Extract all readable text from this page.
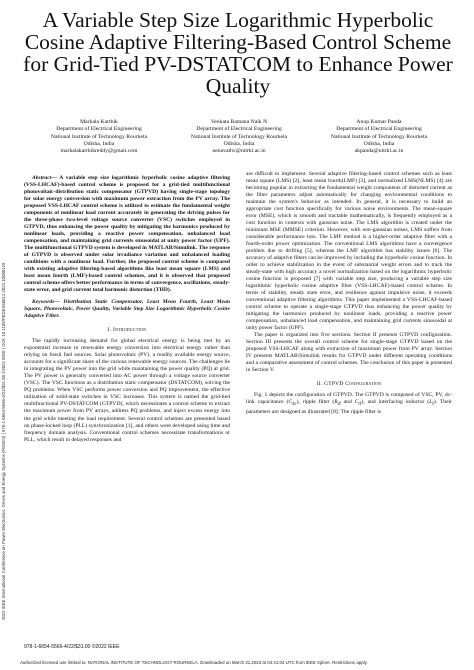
2022 IEEE International Conference on Power Electronics, Drives and Energy Systems (PEDES) | 978-1-6654-5566-4/22/$31.00 ©2022 IEEE | DOI: 10.1109/PEDES56012.2022.10080129
A Variable Step Size Logarithmic Hyperbolic Cosine Adaptive Filtering-Based Control Scheme for Grid-Tied PV-DSTATCOM to Enhance Power Quality
Markala Karthik
Department of Electrical Engineering
National Institute of Technology Rourkela
Odisha, India
markalakarthikreddy@gmail.com
Venkata Ramana Naik N
Department of Electrical Engineering
National Institute of Technology Rourkela
Odisha, India
nenavathv@nitrkl.ac.in
Anup Kumar Panda
Department of Electrical Engineering
National Institute of Technology Rourkela
Odisha, India
akpanda@nitrkl.ac.in

Abstract— A variable step size logarithmic hyperbolic cosine adaptive filtering (VSS-LHCAF)-based control scheme is proposed for a grid-tied multifunctional photovoltaic-distribution static compensator (GTPVD) having single-stage topology for solar energy conversion with maximum power extraction from the PV array. The proposed VSS-LHCAF control scheme is utilized to estimate the fundamental weight components of nonlinear load current accurately in generating the driving pulses for the three-phase two-level voltage source converter (VSC) switches employed in GTPVD, thus enhancing the power quality by mitigating the harmonics produced by nonlinear loads, providing a reactive power compensation, unbalanced load compensation, and maintaining grid currents sinusoidal at unity power factor (UPF). The multifunctional GTPVD system is developed in MATLAB/Simulink. The response of GTPVD is observed under solar irradiance variation and unbalanced loading conditions with a nonlinear load. Further, the proposed control scheme is compared with existing adaptive filtering-based algorithms like least mean square (LMS) and least mean fourth (LMF)-based control schemes, and it is observed that proposed control scheme offers better performance in terms of convergence, oscillations, steady-state error, and grid current total harmonic distortion (THD).

Keywords— Distribution Static Compensator, Least Mean Fourth, Least Mean Square, Photovoltaic, Power Quality, Variable Step Size Logarithmic Hyperbolic Cosine Adaptive Filter.

I. Introduction

The rapidly increasing demand for global electrical energy is being met by an exponential increase in renewable energy conversion into electrical energy rather than relying on fossil fuel sources. Solar photovoltaic (PV), a readily available energy source, accounts for a significant share of the various renewable energy sources. The challenges lie in integrating the PV power into the grid while maintaining the power quality (PQ) at grid. The PV power is generally converted into AC power through a voltage source converter (VSC). The VSC functions as a distribution static compensator (DSTATCOM), solving the PQ problems. When VSC performs power conversion and PQ improvement, the effective utilization of solid-state switches in VSC increases. This system is named the grid-tied multifunctional PV-DSTATCOM (GTPVD), which necessitates a control scheme to extract the maximum power from PV arrays, address PQ problems, and inject excess energy into the grid while meeting the load requirement. Several control schemes are presented based on phase-locked loop (PLL) synchronization [1], and others were developed using time and frequency domain analysis. Conventional control schemes necessitate transformations or PLL, which result in delayed responses and

are difficult to implement. Several adaptive filtering-based control schemes such as least mean square (LMS) [2], least mean fourth(LMF) [3], and normalized LMS(NLMS) [4] are becoming popular in extracting the fundamental weight components of distorted current as the filter parameters adjust automatically for changing environmental conditions to maintain the system's behavior as intended. In general, it is necessary to build an appropriate cost function specifically for various noise environments. The mean-square error (MSE), which is smooth and tractable mathematically, is frequently employed as a cost function in contexts with gaussian noise. The LMS algorithm is created under the minimum MSE (MMSE) criterion. However, with non-gaussian noises, LMS suffers from considerable performance loss. The LMF method is a higher-order adaptive filter with a fourth-order power optimization. The conventional LMS algorithms have a convergence problem due to drifting [5], whereas the LMF algorithm has stability issues [6]. The accuracy of adaptive filters can be improved by including the hyperbolic cosine function. In order to achieve stabilization in the event of substantial weight errors and to track the steady-state with high accuracy a novel normalization based on the logarithmic hyperbolic cosine function is proposed [7] with variable step size, producing a variable step size logarithmic hyperbolic cosine adaptive filter (VSS-LHCAF)-based control scheme. In terms of stability, steady state error, and resilience against impulsive noise, it exceeds conventional adaptive filtering algorithms. This paper implemented a VSS-LHCAF-based control scheme to operate a single-stage GTPVD thus enhancing the power quality by mitigating the harmonics produced by nonlinear loads, providing a reactive power compensation, unbalanced load compensation, and maintaining grid currents sinusoidal at unity power factor (UPF).

The paper is organized into five sections. Section II presents GTPVD configuration. Section III presents the overall control scheme for single-stage GTPVD based on the proposed VSS-LHCAF along with extraction of maximum power from PV array. Section IV presents MATLAB/Simulink results for GTPVD under different operating conditions and a comparative assessment of control schemes. The conclusion of this paper is presented in Section V.

II. GTPVD Configuration

Fig. 1 depicts the configuration of GTPVD. The GTPVD is composed of VSC, PV, dc-link capacitance $(C_{dc})$, ripple filter ($R_{rf}$ and $C_{rf}$), and interfacing inductor $(L_f)$. Their parameters are designed as illustrated [8]. The ripple filter is

978-1-6654-5566-4/22/$31.00 ©2022 IEEE
Authorized licensed use limited to: NATIONAL INSTITUTE OF TECHNOLOGY ROURKELA. Downloaded on March 31,2023 at 04:41:04 UTC from IEEE Xplore. Restrictions apply.
